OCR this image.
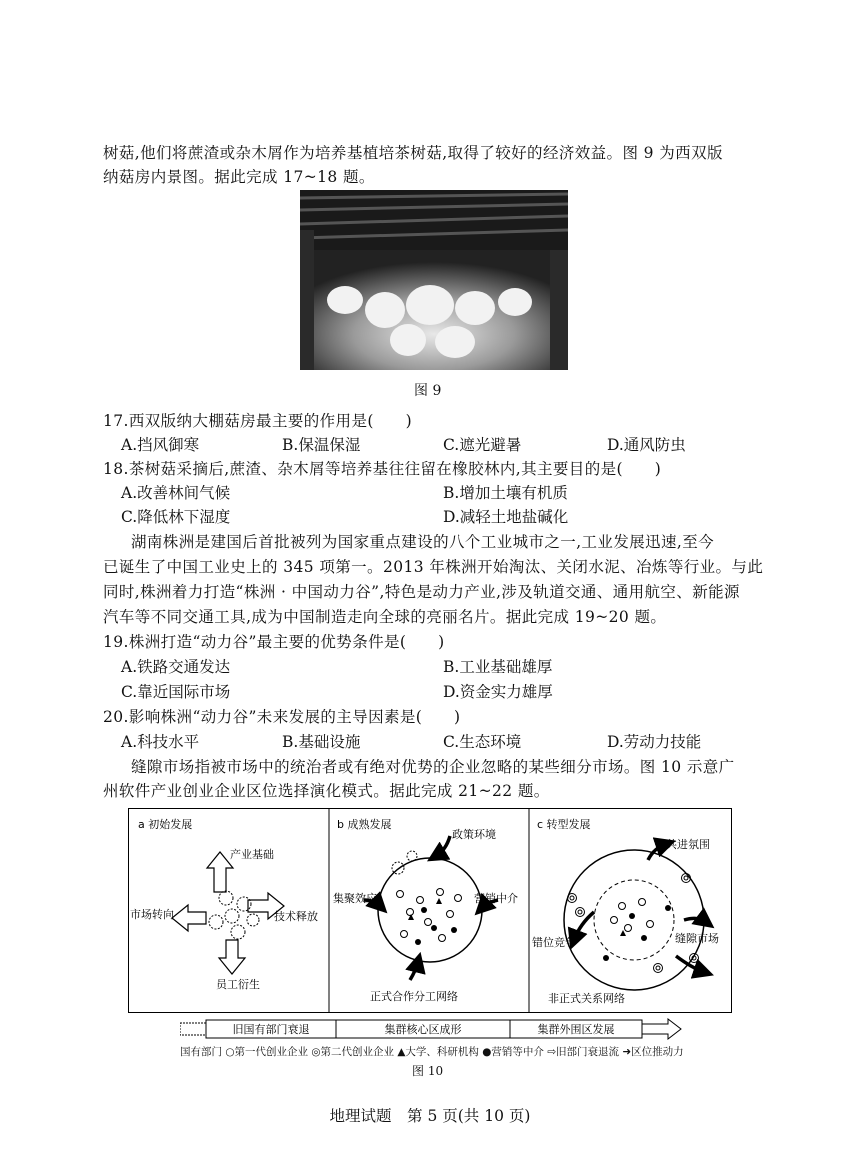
树菇,他们将蔗渣或杂木屑作为培养基植培茶树菇,取得了较好的经济效益。图 9 为西双版
纳菇房内景图。据此完成 17~18 题。
图 9
17.西双版纳大棚菇房最主要的作用是(　　)
A.挡风御寒	B.保温保湿	C.遮光避暑	D.通风防虫
18.茶树菇采摘后,蔗渣、杂木屑等培养基往往留在橡胶林内,其主要目的是(　　)
A.改善林间气候	B.增加土壤有机质
C.降低林下湿度	D.减轻土地盐碱化
湖南株洲是建国后首批被列为国家重点建设的八个工业城市之一,工业发展迅速,至今
已诞生了中国工业史上的 345 项第一。2013 年株洲开始淘汰、关闭水泥、冶炼等行业。与此
同时,株洲着力打造“株洲 · 中国动力谷”,特色是动力产业,涉及轨道交通、通用航空、新能源
汽车等不同交通工具,成为中国制造走向全球的亮丽名片。据此完成 19~20 题。
19.株洲打造“动力谷”最主要的优势条件是(　　)
A.铁路交通发达	B.工业基础雄厚
C.靠近国际市场	D.资金实力雄厚
20.影响株洲“动力谷”未来发展的主导因素是(　　)
A.科技水平	B.基础设施	C.生态环境	D.劳动力技能
缝隙市场指被市场中的统治者或有绝对优势的企业忽略的某些细分市场。图 10 示意广
州软件产业创业企业区位选择演化模式。据此完成 21~22 题。
a 初始发展
产业基础
市场转向	技术释放
员工衍生
b 成熟发展
政策环境
集聚效应	营销中介
正式合作分工网络
c 转型发展
共进氛围
错位竞争	缝隙市场
非正式关系网络
旧国有部门衰退	集群核心区成形	集群外围区发展
国有部门 ○第一代创业企业 ◎第二代创业企业 ▲大学、科研机构 ●营销等中介 ⇨旧部门衰退流 ➜区位推动力
图 10
地理试题　第 5 页(共 10 页)
